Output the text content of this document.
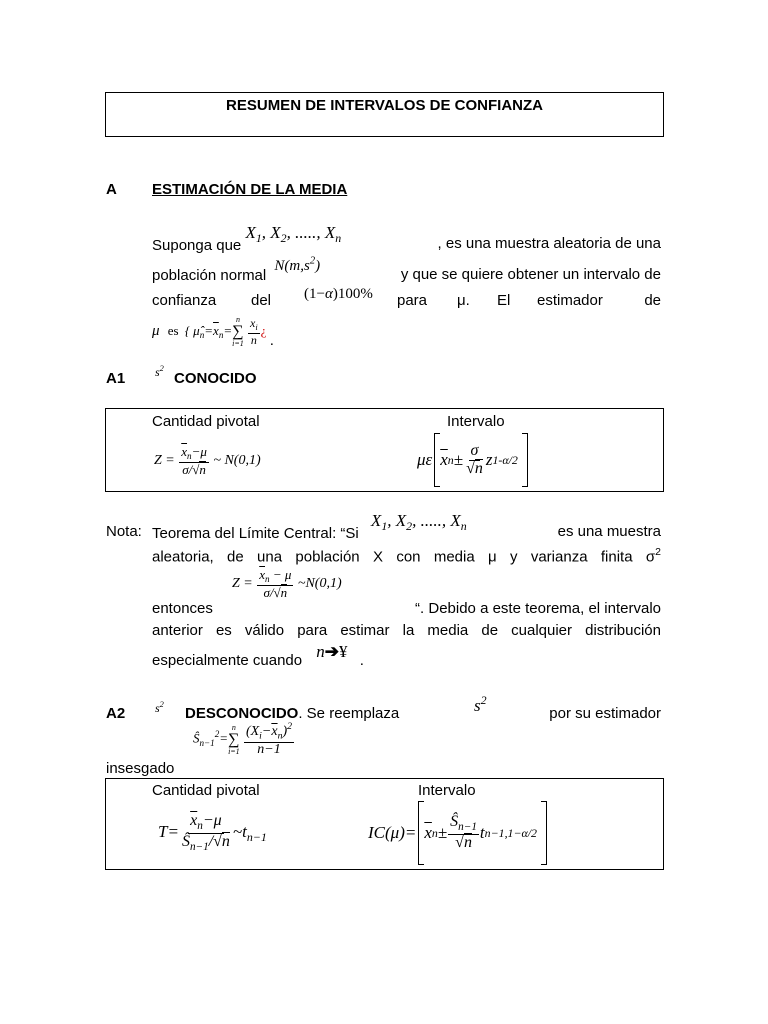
RESUMEN DE INTERVALOS DE CONFIANZA
A ESTIMACIÓN DE LA MEDIA
Suponga que $X_1$, $X_2$, ....., $X_n$	, es una muestra aleatoria de una
población normal $N(m,s^2)$	y que se quiere obtener un intervalo de
confianza del (1−α)100% para μ. El estimador	de
μ es { $\mû_n=\overline{x}_n=$
n
∑
i=1
$\frac{x_i}{n}$ ¿ .
A1 $s^2$
CONOCIDO
Cantidad pivotal	Intervalo
$Z = \frac{\overline{x}_n-\mu}{\sigma/√n}$ ~ N(0,1)	με $\overline{x}$ $n \pm \frac{\sigma}{√n}$ z 1-α/2
Nota: Teorema del Límite Central: “Si $X_1$, $X_2$, ....., $X_n$	es una muestra
aleatoria, de una población X con media μ y varianza finita $\sigma^2$
$Z = \frac{\overline{x}_n - \mu}{\sigma/√n}$ ~N(0,1)
entonces	“. Debido a este teorema, el intervalo
anterior es válido para estimar la media de cualquier distribución
especialmente cuando n➔¥ .
A2 $s^2$
DESCONOCIDO. Se reemplaza	$s^2$
por su estimador
insesgado
$Ŝ_{n-1}^2=$
n
∑
i=1
$\frac{(X_i-\overline{x}_n)^2}{n-1}$
Cantidad pivotal	Intervalo
$T= \frac{\overline{x}_n-\mu}{Ŝ_{n-1}/√n}$ $\sim t_{n-1}$	$IC(\mu)= \overline{x}$ $n \pm \frac{Ŝ_{n-1}}{√n}$ t n−1,1−α/2
